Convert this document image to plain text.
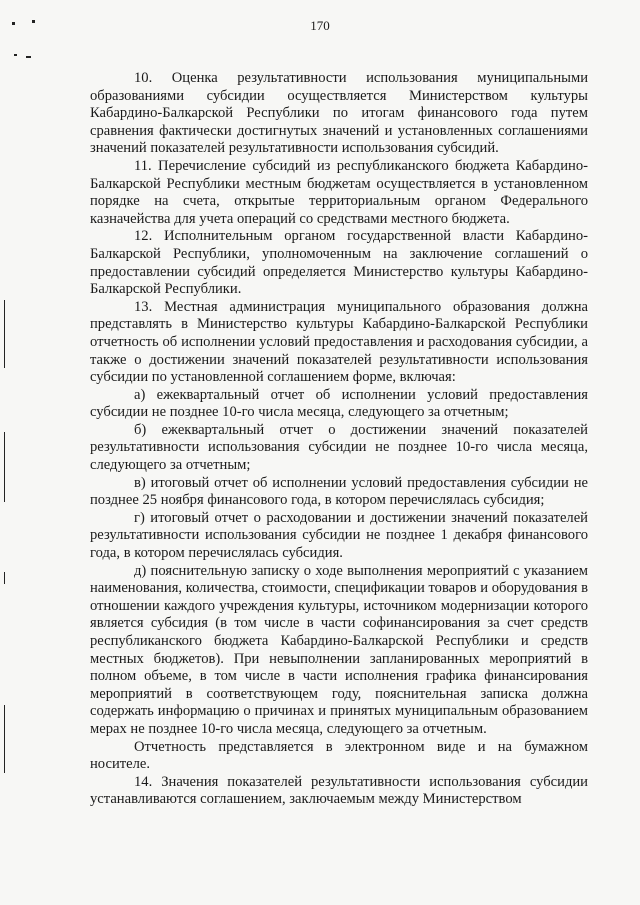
170

10. Оценка результативности использования муниципальными образованиями субсидии осуществляется Министерством культуры Кабардино-Балкарской Республики по итогам финансового года путем сравнения фактически достигнутых значений и установленных соглашениями значений показателей результативности использования субсидий.

11. Перечисление субсидий из республиканского бюджета Кабардино-Балкарской Республики местным бюджетам осуществляется в установленном порядке на счета, открытые территориальным органом Федерального казначейства для учета операций со средствами местного бюджета.

12. Исполнительным органом государственной власти Кабардино-Балкарской Республики, уполномоченным на заключение соглашений о предоставлении субсидий определяется Министерство культуры Кабардино-Балкарской Республики.

13. Местная администрация муниципального образования должна представлять в Министерство культуры Кабардино-Балкарской Республики отчетность об исполнении условий предоставления и расходования субсидии, а также о достижении значений показателей результативности использования субсидии по установленной соглашением форме, включая:

а) ежеквартальный отчет об исполнении условий предоставления субсидии не позднее 10-го числа месяца, следующего за отчетным;

б) ежеквартальный отчет о достижении значений показателей результативности использования субсидии не позднее 10-го числа месяца, следующего за отчетным;

в) итоговый отчет об исполнении условий предоставления субсидии не позднее 25 ноября финансового года, в котором перечислялась субсидия;

г) итоговый отчет о расходовании и достижении значений показателей результативности использования субсидии не позднее 1 декабря финансового года, в котором перечислялась субсидия.

д) пояснительную записку о ходе выполнения мероприятий с указанием наименования, количества, стоимости, спецификации товаров и оборудования в отношении каждого учреждения культуры, источником модернизации которого является субсидия (в том числе в части софинансирования за счет средств республиканского бюджета Кабардино-Балкарской Республики и средств местных бюджетов). При невыполнении запланированных мероприятий в полном объеме, в том числе в части исполнения графика финансирования мероприятий в соответствующем году, пояснительная записка должна содержать информацию о причинах и принятых муниципальным образованием мерах не позднее 10-го числа месяца, следующего за отчетным.

Отчетность представляется в электронном виде и на бумажном носителе.

14. Значения показателей результативности использования субсидии устанавливаются соглашением, заключаемым между Министерством
